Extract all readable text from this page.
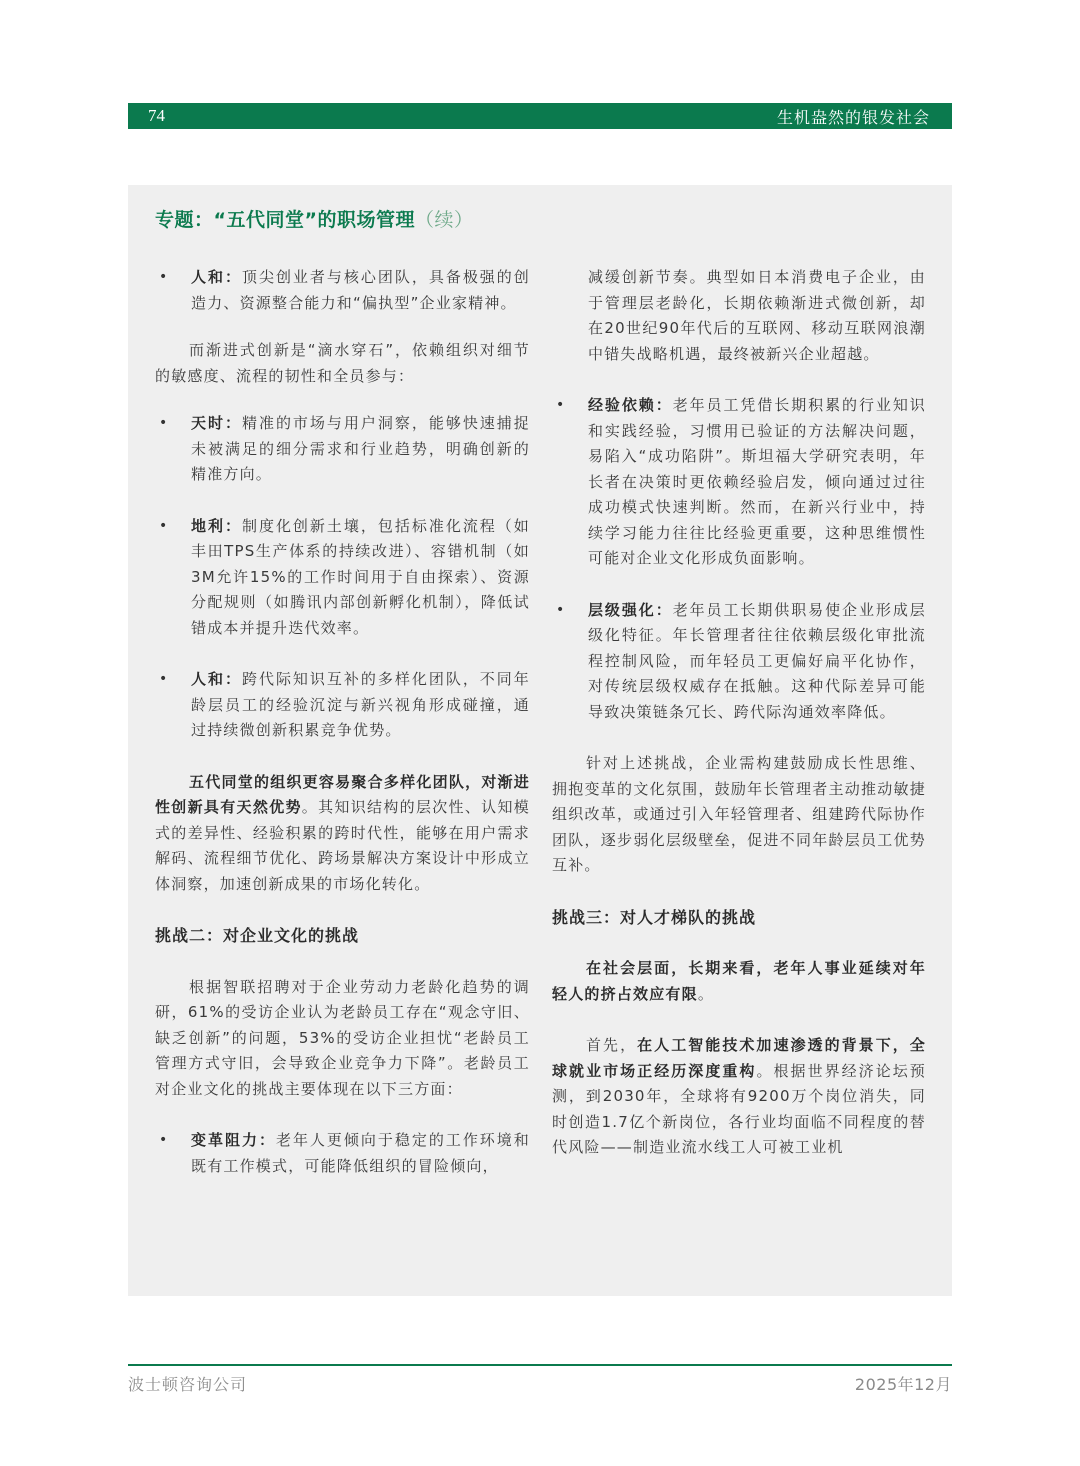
74	生机盎然的银发社会
专题：“五代同堂”的职场管理（续）
• 人和：顶尖创业者与核心团队，具备极强的创造力、资源整合能力和“偏执型”企业家精神。

而渐进式创新是“滴水穿石”，依赖组织对细节的敏感度、流程的韧性和全员参与：

• 天时：精准的市场与用户洞察，能够快速捕捉未被满足的细分需求和行业趋势，明确创新的精准方向。
• 地利：制度化创新土壤，包括标准化流程（如丰田TPS生产体系的持续改进）、容错机制（如3M允许15%的工作时间用于自由探索）、资源分配规则（如腾讯内部创新孵化机制），降低试错成本并提升迭代效率。
• 人和：跨代际知识互补的多样化团队，不同年龄层员工的经验沉淀与新兴视角形成碰撞，通过持续微创新积累竞争优势。

五代同堂的组织更容易聚合多样化团队，对渐进性创新具有天然优势。其知识结构的层次性、认知模式的差异性、经验积累的跨时代性，能够在用户需求解码、流程细节优化、跨场景解决方案设计中形成立体洞察，加速创新成果的市场化转化。

挑战二：对企业文化的挑战

根据智联招聘对于企业劳动力老龄化趋势的调研，61%的受访企业认为老龄员工存在“观念守旧、缺乏创新”的问题，53%的受访企业担忧“老龄员工管理方式守旧，会导致企业竞争力下降”。老龄员工对企业文化的挑战主要体现在以下三方面：

• 变革阻力：老年人更倾向于稳定的工作环境和既有工作模式，可能降低组织的冒险倾向，
减缓创新节奏。典型如日本消费电子企业，由于管理层老龄化，长期依赖渐进式微创新，却在20世纪90年代后的互联网、移动互联网浪潮中错失战略机遇，最终被新兴企业超越。
• 经验依赖：老年员工凭借长期积累的行业知识和实践经验，习惯用已验证的方法解决问题，易陷入“成功陷阱”。斯坦福大学研究表明，年长者在决策时更依赖经验启发，倾向通过过往成功模式快速判断。然而，在新兴行业中，持续学习能力往往比经验更重要，这种思维惯性可能对企业文化形成负面影响。
• 层级强化：老年员工长期供职易使企业形成层级化特征。年长管理者往往依赖层级化审批流程控制风险，而年轻员工更偏好扁平化协作，对传统层级权威存在抵触。这种代际差异可能导致决策链条冗长、跨代际沟通效率降低。

针对上述挑战，企业需构建鼓励成长性思维、拥抱变革的文化氛围，鼓励年长管理者主动推动敏捷组织改革，或通过引入年轻管理者、组建跨代际协作团队，逐步弱化层级壁垒，促进不同年龄层员工优势互补。

挑战三：对人才梯队的挑战

在社会层面，长期来看，老年人事业延续对年轻人的挤占效应有限。

首先，在人工智能技术加速渗透的背景下，全球就业市场正经历深度重构。根据世界经济论坛预测，到2030年，全球将有9200万个岗位消失，同时创造1.7亿个新岗位，各行业均面临不同程度的替代风险——制造业流水线工人可被工业机

波士顿咨询公司	2025年12月
